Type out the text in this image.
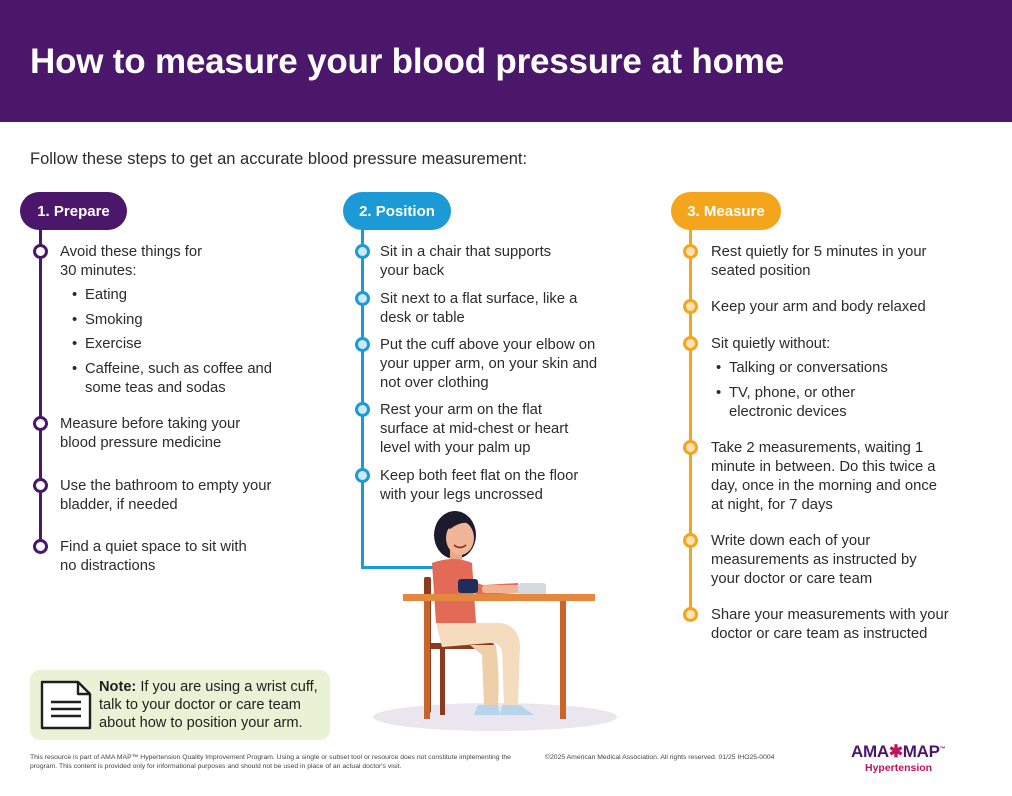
How to measure your blood pressure at home
Follow these steps to get an accurate blood pressure measurement:
1. Prepare	2. Position	3. Measure
Avoid these things for 30 minutes:
• Eating
• Smoking
• Exercise
• Caffeine, such as coffee and some teas and sodas
Measure before taking your blood pressure medicine
Use the bathroom to empty your bladder, if needed
Find a quiet space to sit with no distractions
Sit in a chair that supports your back
Sit next to a flat surface, like a desk or table
Put the cuff above your elbow on your upper arm, on your skin and not over clothing
Rest your arm on the flat surface at mid-chest or heart level with your palm up
Keep both feet flat on the floor with your legs uncrossed
Rest quietly for 5 minutes in your seated position
Keep your arm and body relaxed
Sit quietly without:
• Talking or conversations
• TV, phone, or other electronic devices
Take 2 measurements, waiting 1 minute in between. Do this twice a day, once in the morning and once at night, for 7 days
Write down each of your measurements as instructed by your doctor or care team
Share your measurements with your doctor or care team as instructed
Note: If you are using a wrist cuff, talk to your doctor or care team about how to position your arm.
This resource is part of AMA MAP™ Hypertension Quality Improvement Program. Using a single or subset tool or resource does not constitute implementing the program. This content is provided only for informational purposes and should not be used in place of an actual doctor's visit.
©2025 American Medical Association. All rights reserved. 01/25 IHO25-0004	AMA✱MAP™
Hypertension
